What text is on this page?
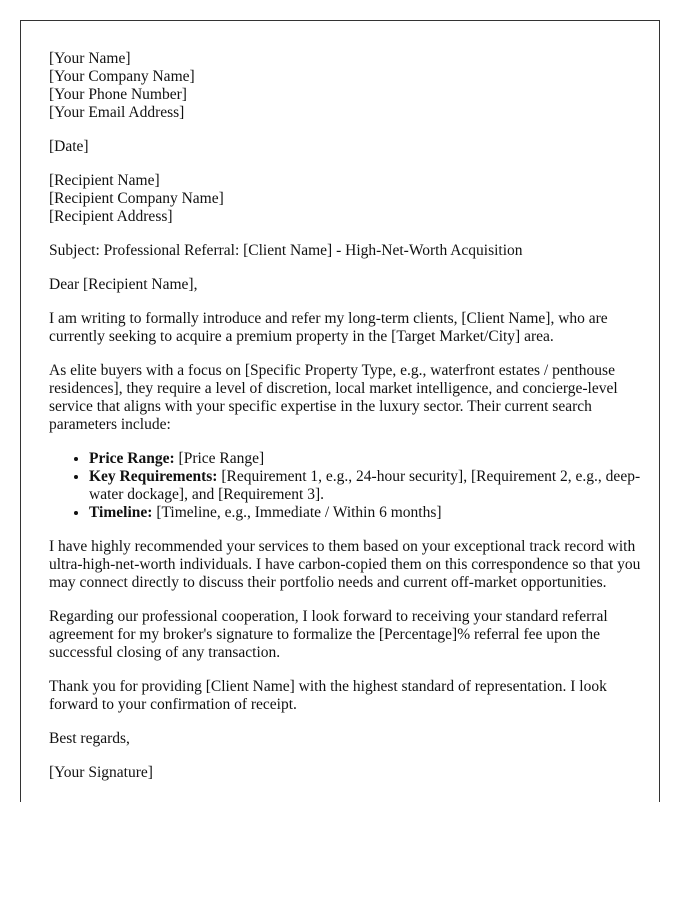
[Your Name]
[Your Company Name]
[Your Phone Number]
[Your Email Address]
[Date]
[Recipient Name]
[Recipient Company Name]
[Recipient Address]

Subject: Professional Referral: [Client Name] - High-Net-Worth Acquisition

Dear [Recipient Name],

I am writing to formally introduce and refer my long-term clients, [Client Name], who are currently seeking to acquire a premium property in the [Target Market/City] area.

As elite buyers with a focus on [Specific Property Type, e.g., waterfront estates / penthouse residences], they require a level of discretion, local market intelligence, and concierge-level service that aligns with your specific expertise in the luxury sector. Their current search parameters include:

• Price Range: [Price Range]
• Key Requirements: [Requirement 1, e.g., 24-hour security], [Requirement 2, e.g., deep-water dockage], and [Requirement 3].
• Timeline: [Timeline, e.g., Immediate / Within 6 months]

I have highly recommended your services to them based on your exceptional track record with ultra-high-net-worth individuals. I have carbon-copied them on this correspondence so that you may connect directly to discuss their portfolio needs and current off-market opportunities.

Regarding our professional cooperation, I look forward to receiving your standard referral agreement for my broker's signature to formalize the [Percentage]% referral fee upon the successful closing of any transaction.

Thank you for providing [Client Name] with the highest standard of representation. I look forward to your confirmation of receipt.

Best regards,

[Your Signature]
